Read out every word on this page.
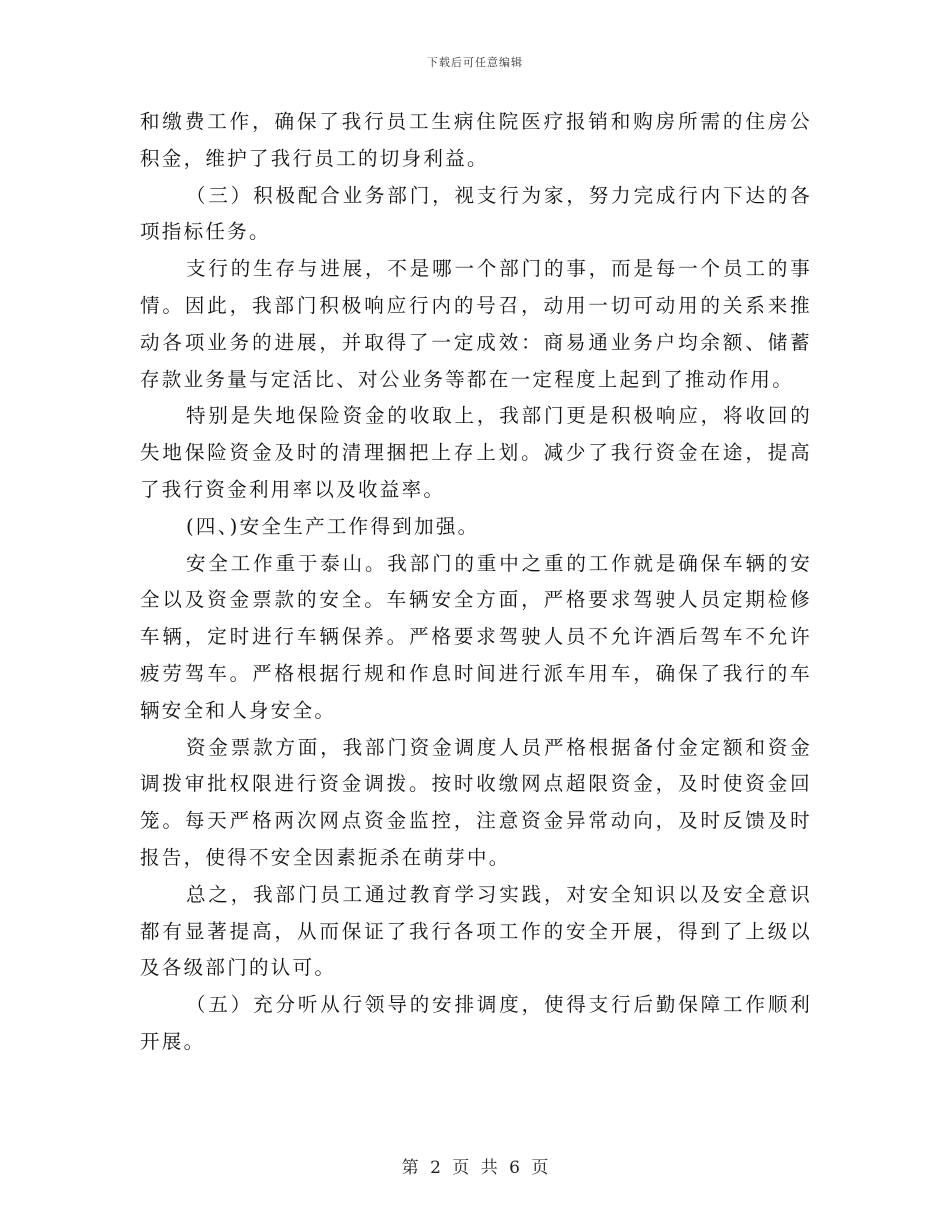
下载后可任意编辑

和缴费工作，确保了我行员工生病住院医疗报销和购房所需的住房公积金，维护了我行员工的切身利益。

（三）积极配合业务部门，视支行为家，努力完成行内下达的各项指标任务。

支行的生存与进展，不是哪一个部门的事，而是每一个员工的事情。因此，我部门积极响应行内的号召，动用一切可动用的关系来推动各项业务的进展，并取得了一定成效：商易通业务户均余额、储蓄存款业务量与定活比、对公业务等都在一定程度上起到了推动作用。

特别是失地保险资金的收取上，我部门更是积极响应，将收回的失地保险资金及时的清理捆把上存上划。减少了我行资金在途，提高了我行资金利用率以及收益率。

(四、)安全生产工作得到加强。

安全工作重于泰山。我部门的重中之重的工作就是确保车辆的安全以及资金票款的安全。车辆安全方面，严格要求驾驶人员定期检修车辆，定时进行车辆保养。严格要求驾驶人员不允许酒后驾车不允许疲劳驾车。严格根据行规和作息时间进行派车用车，确保了我行的车辆安全和人身安全。

资金票款方面，我部门资金调度人员严格根据备付金定额和资金调拨审批权限进行资金调拨。按时收缴网点超限资金，及时使资金回笼。每天严格两次网点资金监控，注意资金异常动向，及时反馈及时报告，使得不安全因素扼杀在萌芽中。

总之，我部门员工通过教育学习实践，对安全知识以及安全意识都有显著提高，从而保证了我行各项工作的安全开展，得到了上级以及各级部门的认可。

（五）充分听从行领导的安排调度，使得支行后勤保障工作顺利开展。

第 2 页 共 6 页
